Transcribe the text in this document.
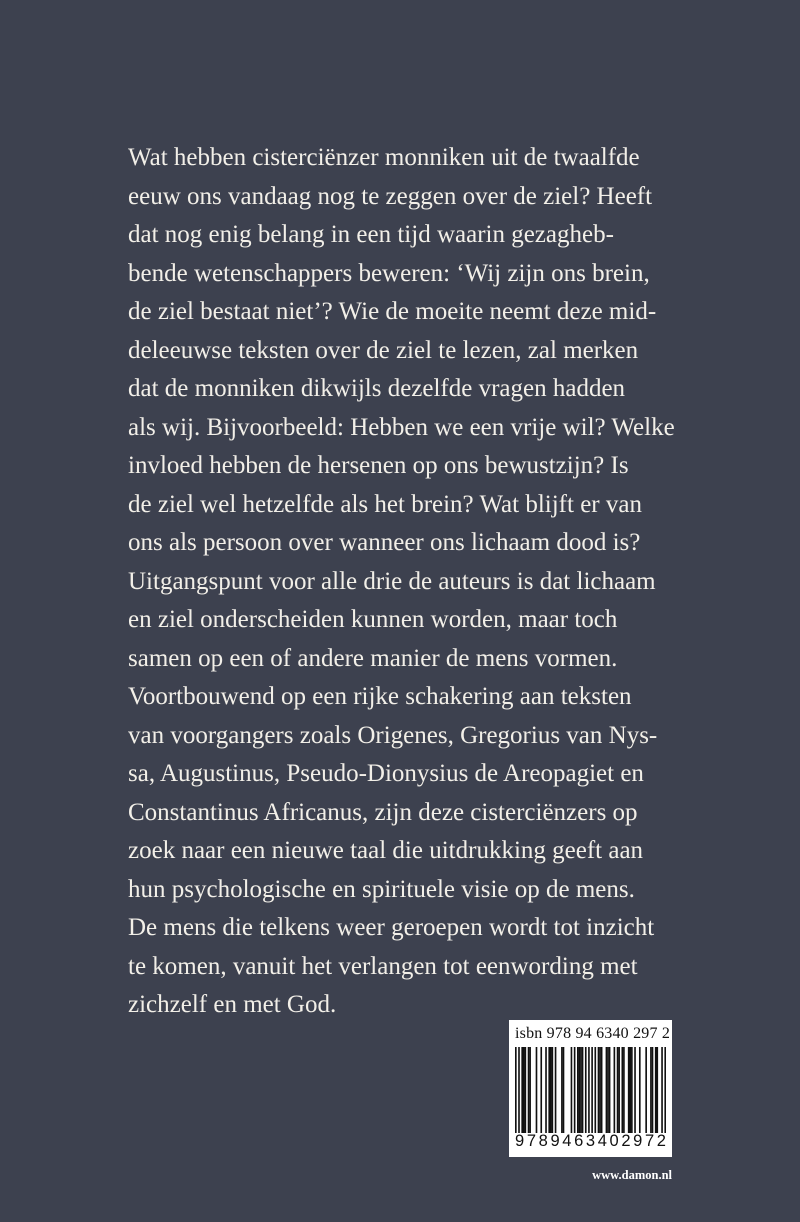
Wat hebben cisterciënzer monniken uit de twaalfde
eeuw ons vandaag nog te zeggen over de ziel? Heeft
dat nog enig belang in een tijd waarin gezagheb-
bende wetenschappers beweren: ‘Wij zijn ons brein,
de ziel bestaat niet’? Wie de moeite neemt deze mid-
deleeuwse teksten over de ziel te lezen, zal merken
dat de monniken dikwijls dezelfde vragen hadden
als wij. Bijvoorbeeld: Hebben we een vrije wil? Welke
invloed hebben de hersenen op ons bewustzijn? Is
de ziel wel hetzelfde als het brein? Wat blijft er van
ons als persoon over wanneer ons lichaam dood is?
Uitgangspunt voor alle drie de auteurs is dat lichaam
en ziel onderscheiden kunnen worden, maar toch
samen op een of andere manier de mens vormen.
Voortbouwend op een rijke schakering aan teksten
van voorgangers zoals Origenes, Gregorius van Nys-
sa, Augustinus, Pseudo-Dionysius de Areopagiet en
Constantinus Africanus, zijn deze cisterciënzers op
zoek naar een nieuwe taal die uitdrukking geeft aan
hun psychologische en spirituele visie op de mens.
De mens die telkens weer geroepen wordt tot inzicht
te komen, vanuit het verlangen tot eenwording met
zichzelf en met God.
isbn 978 94 6340 297 2
9 7 8 9 4 6 3 4 0 2 9 7 2
www.damon.nl
